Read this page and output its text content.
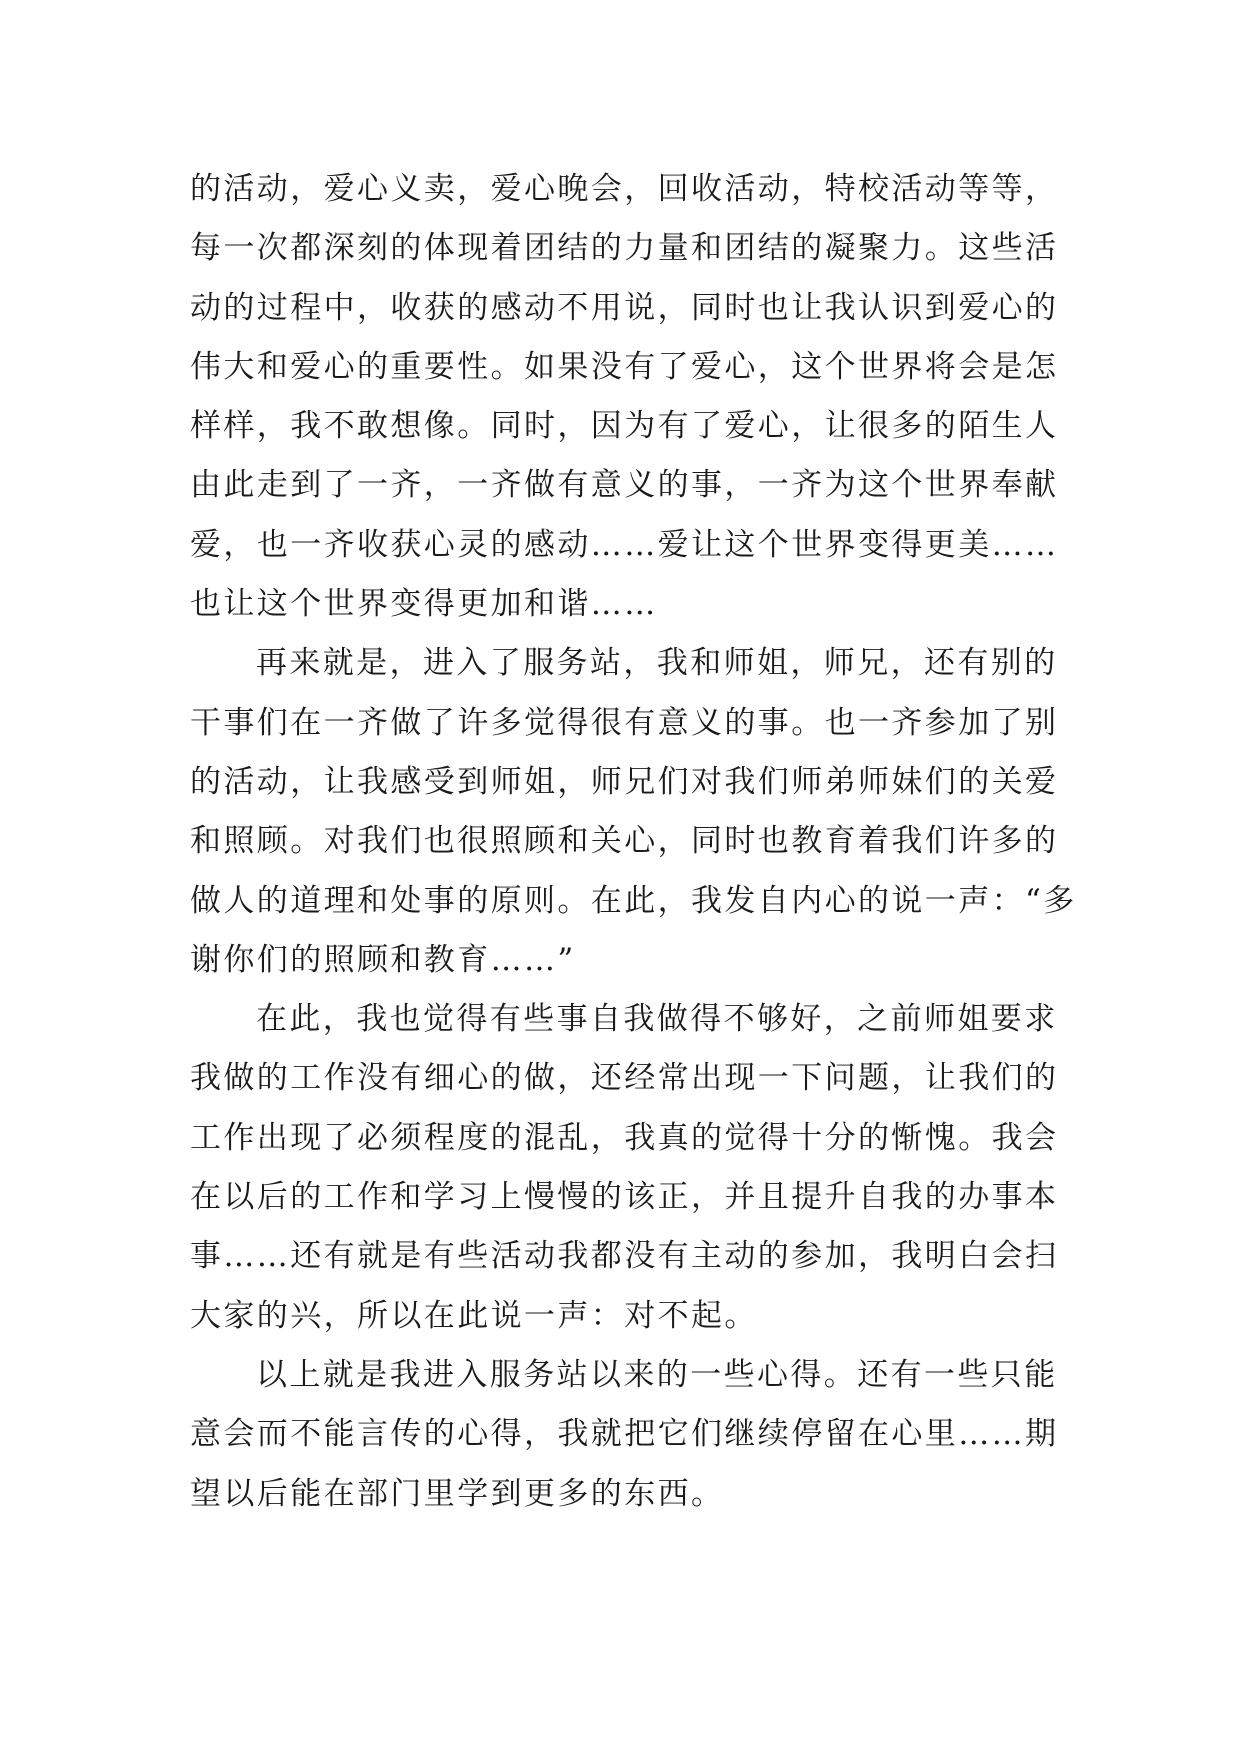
的活动，爱心义卖，爱心晚会，回收活动，特校活动等等，
每一次都深刻的体现着团结的力量和团结的凝聚力。这些活
动的过程中，收获的感动不用说，同时也让我认识到爱心的
伟大和爱心的重要性。如果没有了爱心，这个世界将会是怎
样样，我不敢想像。同时，因为有了爱心，让很多的陌生人
由此走到了一齐，一齐做有意义的事，一齐为这个世界奉献
爱，也一齐收获心灵的感动……爱让这个世界变得更美……
也让这个世界变得更加和谐……
再来就是，进入了服务站，我和师姐，师兄，还有别的
干事们在一齐做了许多觉得很有意义的事。也一齐参加了别
的活动，让我感受到师姐，师兄们对我们师弟师妹们的关爱
和照顾。对我们也很照顾和关心，同时也教育着我们许多的
做人的道理和处事的原则。在此，我发自内心的说一声：“多
谢你们的照顾和教育……”
在此，我也觉得有些事自我做得不够好，之前师姐要求
我做的工作没有细心的做，还经常出现一下问题，让我们的
工作出现了必须程度的混乱，我真的觉得十分的惭愧。我会
在以后的工作和学习上慢慢的该正，并且提升自我的办事本
事……还有就是有些活动我都没有主动的参加，我明白会扫
大家的兴，所以在此说一声：对不起。
以上就是我进入服务站以来的一些心得。还有一些只能
意会而不能言传的心得，我就把它们继续停留在心里……期
望以后能在部门里学到更多的东西。
